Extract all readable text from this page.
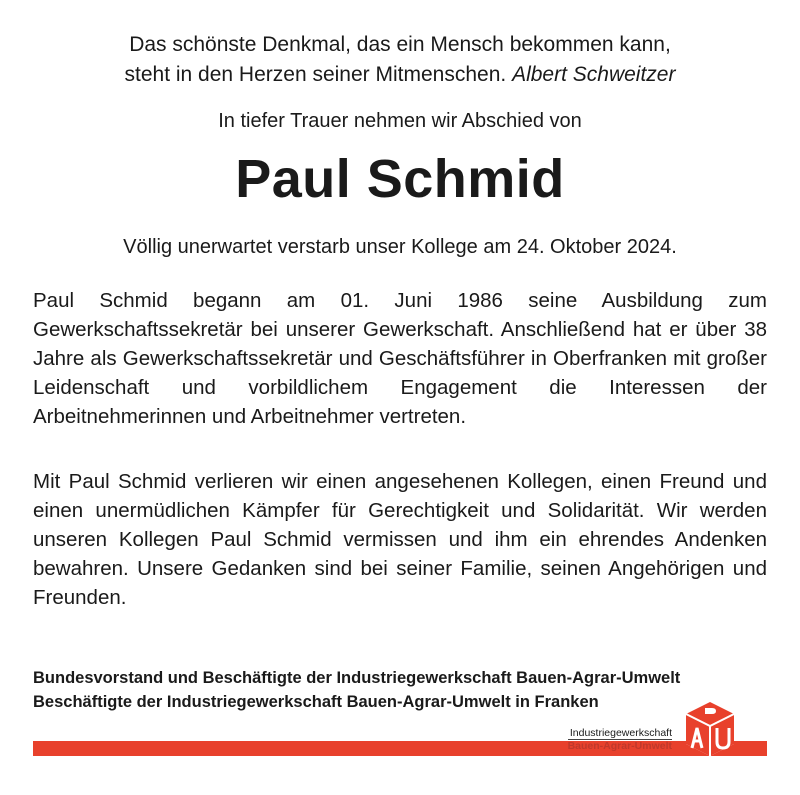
Das schönste Denkmal, das ein Mensch bekommen kann,
steht in den Herzen seiner Mitmenschen. Albert Schweitzer
In tiefer Trauer nehmen wir Abschied von
Paul Schmid
Völlig unerwartet verstarb unser Kollege am 24. Oktober 2024.
Paul Schmid begann am 01. Juni 1986 seine Ausbildung zum Gewerkschaftssekretär bei unserer Gewerkschaft. Anschließend hat er über 38 Jahre als Gewerkschaftssekretär und Geschäftsführer in Oberfranken mit großer Leidenschaft und vorbildlichem Engagement die Interessen der Arbeitnehmerinnen und Arbeitnehmer vertreten.
Mit Paul Schmid verlieren wir einen angesehenen Kollegen, einen Freund und einen unermüdlichen Kämpfer für Gerechtigkeit und Solidarität. Wir werden unseren Kollegen Paul Schmid vermissen und ihm ein ehrendes Andenken bewahren. Unsere Gedanken sind bei seiner Familie, seinen Angehörigen und Freunden.
Bundesvorstand und Beschäftigte der Industriegewerkschaft Bauen-Agrar-Umwelt
Beschäftigte der Industriegewerkschaft Bauen-Agrar-Umwelt in Franken
Industriegewerkschaft
Bauen-Agrar-Umwelt
